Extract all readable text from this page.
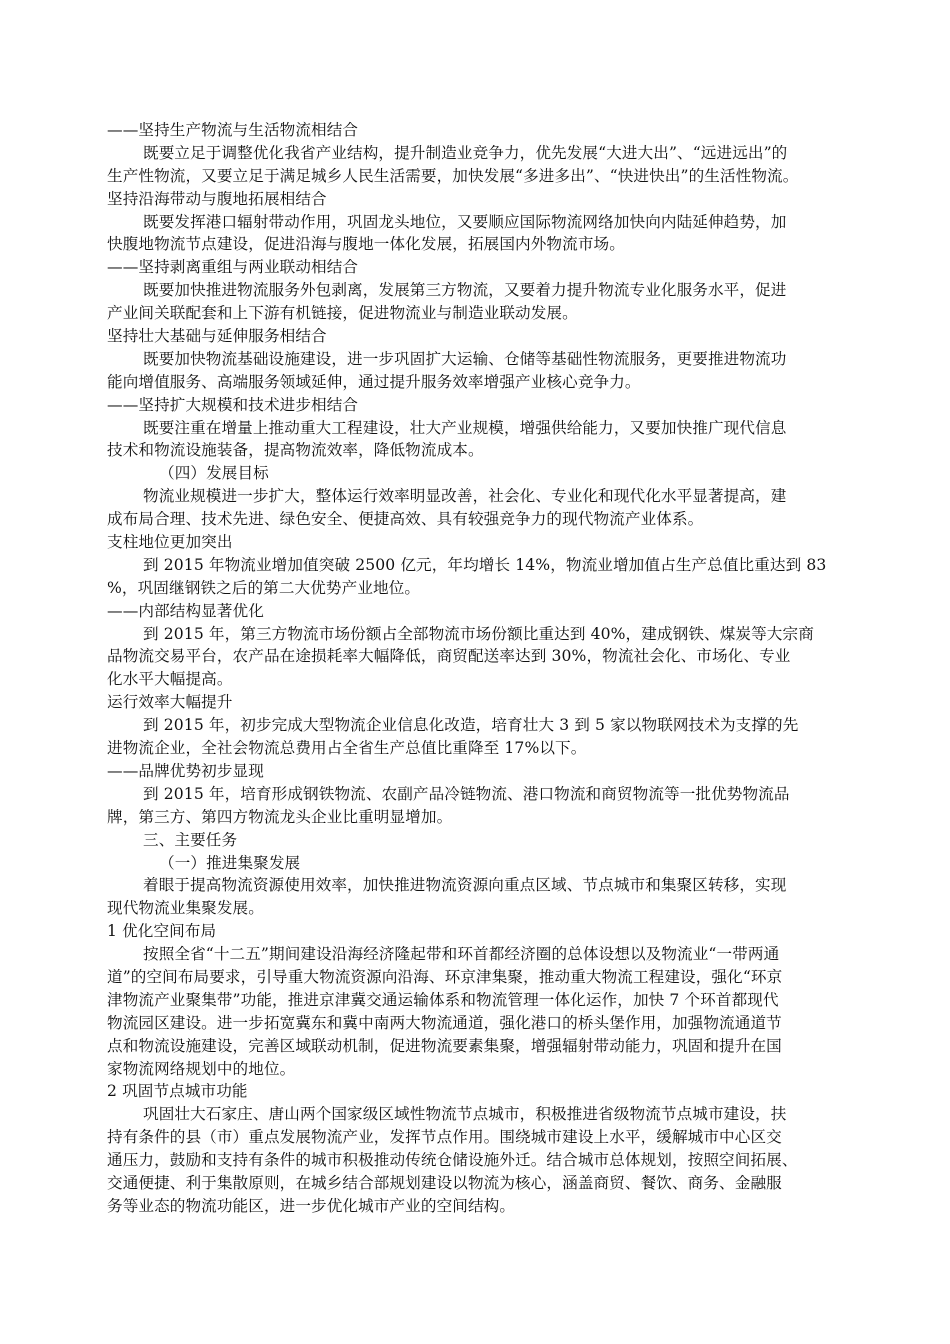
——坚持生产物流与生活物流相结合
既要立足于调整优化我省产业结构，提升制造业竞争力，优先发展“大进大出”、“远进远出”的
生产性物流，又要立足于满足城乡人民生活需要，加快发展“多进多出”、“快进快出”的生活性物流。
坚持沿海带动与腹地拓展相结合
既要发挥港口辐射带动作用，巩固龙头地位，又要顺应国际物流网络加快向内陆延伸趋势，加
快腹地物流节点建设，促进沿海与腹地一体化发展，拓展国内外物流市场。
——坚持剥离重组与两业联动相结合
既要加快推进物流服务外包剥离，发展第三方物流，又要着力提升物流专业化服务水平，促进
产业间关联配套和上下游有机链接，促进物流业与制造业联动发展。
坚持壮大基础与延伸服务相结合
既要加快物流基础设施建设，进一步巩固扩大运输、仓储等基础性物流服务，更要推进物流功
能向增值服务、高端服务领域延伸，通过提升服务效率增强产业核心竞争力。
——坚持扩大规模和技术进步相结合
既要注重在增量上推动重大工程建设，壮大产业规模，增强供给能力，又要加快推广现代信息
技术和物流设施装备，提高物流效率，降低物流成本。
（四）发展目标
物流业规模进一步扩大，整体运行效率明显改善，社会化、专业化和现代化水平显著提高，建
成布局合理、技术先进、绿色安全、便捷高效、具有较强竞争力的现代物流产业体系。
支柱地位更加突出
到 2015 年物流业增加值突破 2500 亿元，年均增长 14%，物流业增加值占生产总值比重达到 83
%，巩固继钢铁之后的第二大优势产业地位。
——内部结构显著优化
到 2015 年，第三方物流市场份额占全部物流市场份额比重达到 40%，建成钢铁、煤炭等大宗商
品物流交易平台，农产品在途损耗率大幅降低，商贸配送率达到 30%，物流社会化、市场化、专业
化水平大幅提高。
运行效率大幅提升
到 2015 年，初步完成大型物流企业信息化改造，培育壮大 3 到 5 家以物联网技术为支撑的先
进物流企业，全社会物流总费用占全省生产总值比重降至 17%以下。
——品牌优势初步显现
到 2015 年，培育形成钢铁物流、农副产品冷链物流、港口物流和商贸物流等一批优势物流品
牌，第三方、第四方物流龙头企业比重明显增加。
三、主要任务
（一）推进集聚发展
着眼于提高物流资源使用效率，加快推进物流资源向重点区域、节点城市和集聚区转移，实现
现代物流业集聚发展。
1 优化空间布局
按照全省“十二五”期间建设沿海经济隆起带和环首都经济圈的总体设想以及物流业“一带两通
道”的空间布局要求，引导重大物流资源向沿海、环京津集聚，推动重大物流工程建设，强化“环京
津物流产业聚集带”功能，推进京津冀交通运输体系和物流管理一体化运作，加快 7 个环首都现代
物流园区建设。进一步拓宽冀东和冀中南两大物流通道，强化港口的桥头堡作用，加强物流通道节
点和物流设施建设，完善区域联动机制，促进物流要素集聚，增强辐射带动能力，巩固和提升在国
家物流网络规划中的地位。
2 巩固节点城市功能
巩固壮大石家庄、唐山两个国家级区域性物流节点城市，积极推进省级物流节点城市建设，扶
持有条件的县（市）重点发展物流产业，发挥节点作用。围绕城市建设上水平，缓解城市中心区交
通压力，鼓励和支持有条件的城市积极推动传统仓储设施外迁。结合城市总体规划，按照空间拓展、
交通便捷、利于集散原则，在城乡结合部规划建设以物流为核心，涵盖商贸、餐饮、商务、金融服
务等业态的物流功能区，进一步优化城市产业的空间结构。
